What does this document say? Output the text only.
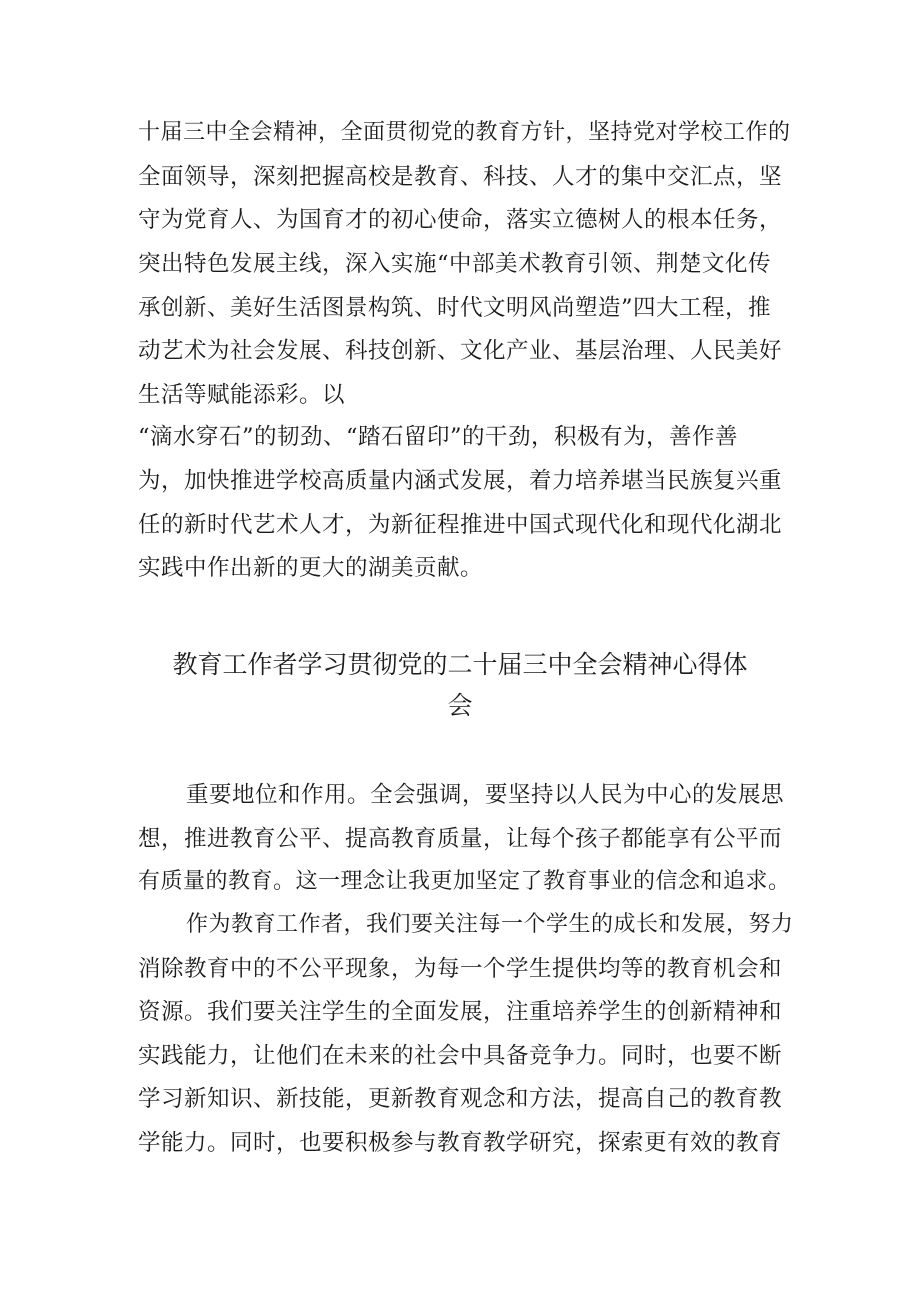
十届三中全会精神，全面贯彻党的教育方针，坚持党对学校工作的
全面领导，深刻把握高校是教育、科技、人才的集中交汇点，坚
守为党育人、为国育才的初心使命，落实立德树人的根本任务，
突出特色发展主线，深入实施“中部美术教育引领、荆楚文化传
承创新、美好生活图景构筑、时代文明风尚塑造”四大工程，推
动艺术为社会发展、科技创新、文化产业、基层治理、人民美好
生活等赋能添彩。以
“滴水穿石”的韧劲、“踏石留印”的干劲，积极有为，善作善
为，加快推进学校高质量内涵式发展，着力培养堪当民族复兴重
任的新时代艺术人才，为新征程推进中国式现代化和现代化湖北
实践中作出新的更大的湖美贡献。
教育工作者学习贯彻党的二十届三中全会精神心得体
会
重要地位和作用。全会强调，要坚持以人民为中心的发展思
想，推进教育公平、提高教育质量，让每个孩子都能享有公平而
有质量的教育。这一理念让我更加坚定了教育事业的信念和追求。
作为教育工作者，我们要关注每一个学生的成长和发展，努力
消除教育中的不公平现象，为每一个学生提供均等的教育机会和
资源。我们要关注学生的全面发展，注重培养学生的创新精神和
实践能力，让他们在未来的社会中具备竞争力。同时，也要不断
学习新知识、新技能，更新教育观念和方法，提高自己的教育教
学能力。同时，也要积极参与教育教学研究，探索更有效的教育
